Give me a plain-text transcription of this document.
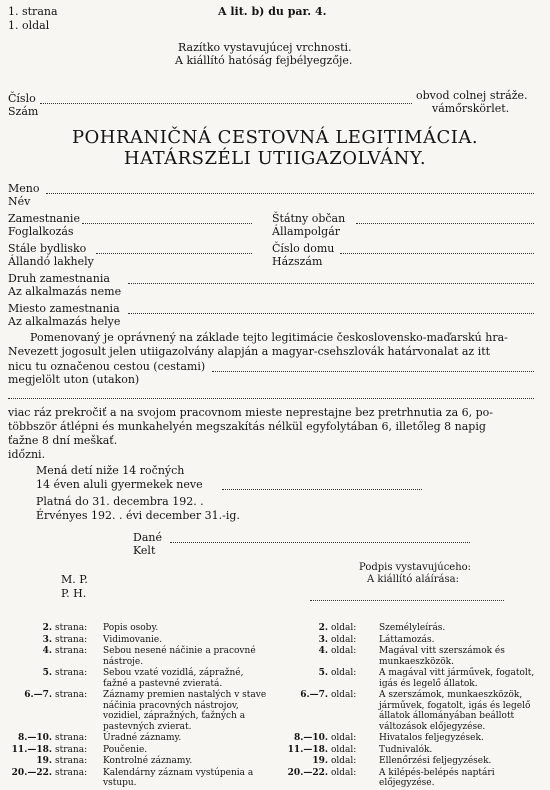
1. strana
1. oldal
A lit. b) du par. 4.
Razítko vystavujúcej vrchnosti.
A kiállító hatóság fejbélyegzője.
Číslo
Szám
obvod colnej stráže.
vámőrskörlet.
POHRANIČNÁ CESTOVNÁ LEGITIMÁCIA.
HATÁRSZÉLI UTIIGAZOLVÁNY.
Meno
Név
Zamestnanie
Foglalkozás
Štátny občan
Állampolgár
Stále bydlisko
Állandó lakhely
Číslo domu
Házszám
Druh zamestnania
Az alkalmazás neme
Miesto zamestnania
Az alkalmazás helye
Pomenovaný je oprávnený na základe tejto legitimácie československo-maďarskú hra-
Nevezett jogosult jelen utiigazolvány alapján a magyar-csehszlovák határvonalat az itt
nicu tu označenou cestou (cestami)
megjelölt uton (utakon)
viac ráz prekročiť a na svojom pracovnom mieste neprestajne bez pretrhnutia za 6, po-
többször átlépni és munkahelyén megszakítás nélkül egyfolytában 6, illetőleg 8 napig
ťažne 8 dní meškať.
időzni.
Mená detí niže 14 ročných
14 éven aluli gyermekek neve
Platná do 31. decembra 192. .
Érvényes 192. . évi december 31.-ig.
Dané
Kelt
M. P.
P. H.
Podpis vystavujúceho:
A kiállító aláírása:
2. strana:	Popis osoby.
3. strana:	Vidimovanie.
4. strana:	Sebou nesené náčinie a pracovné nástroje.
5. strana:	Sebou vzaté vozidlá, zápražné, ťažné a pastevné zvieratá.
6.—7. strana:	Záznamy premien nastalých v stave náčinia pracovných nástrojov, vozidiel, zápražných, ťažných a pastevných zvierat.
8.—10. strana:	Úradné záznamy.
11.—18. strana:	Poučenie.
19. strana:	Kontrolné záznamy.
20.—22. strana:	Kalendárny záznam vystúpenia a vstupu.
2. oldal:	Személyleírás.
3. oldal:	Láttamozás.
4. oldal:	Magával vitt szerszámok és munkaeszközök.
5. oldal:	A magával vitt járművek, fogatolt, igás és legelő állatok.
6.—7. oldal:	A szerszámok, munkaeszközök, járművek, fogatolt, igás és legelő állatok állományában beállott változások előjegyzése.
8.—10. oldal:	Hivatalos feljegyzések.
11.—18. oldal:	Tudnivalók.
19. oldal:	Ellenőrzési feljegyzések.
20.—22. oldal:	A kilépés-belépés naptári előjegyzése.
